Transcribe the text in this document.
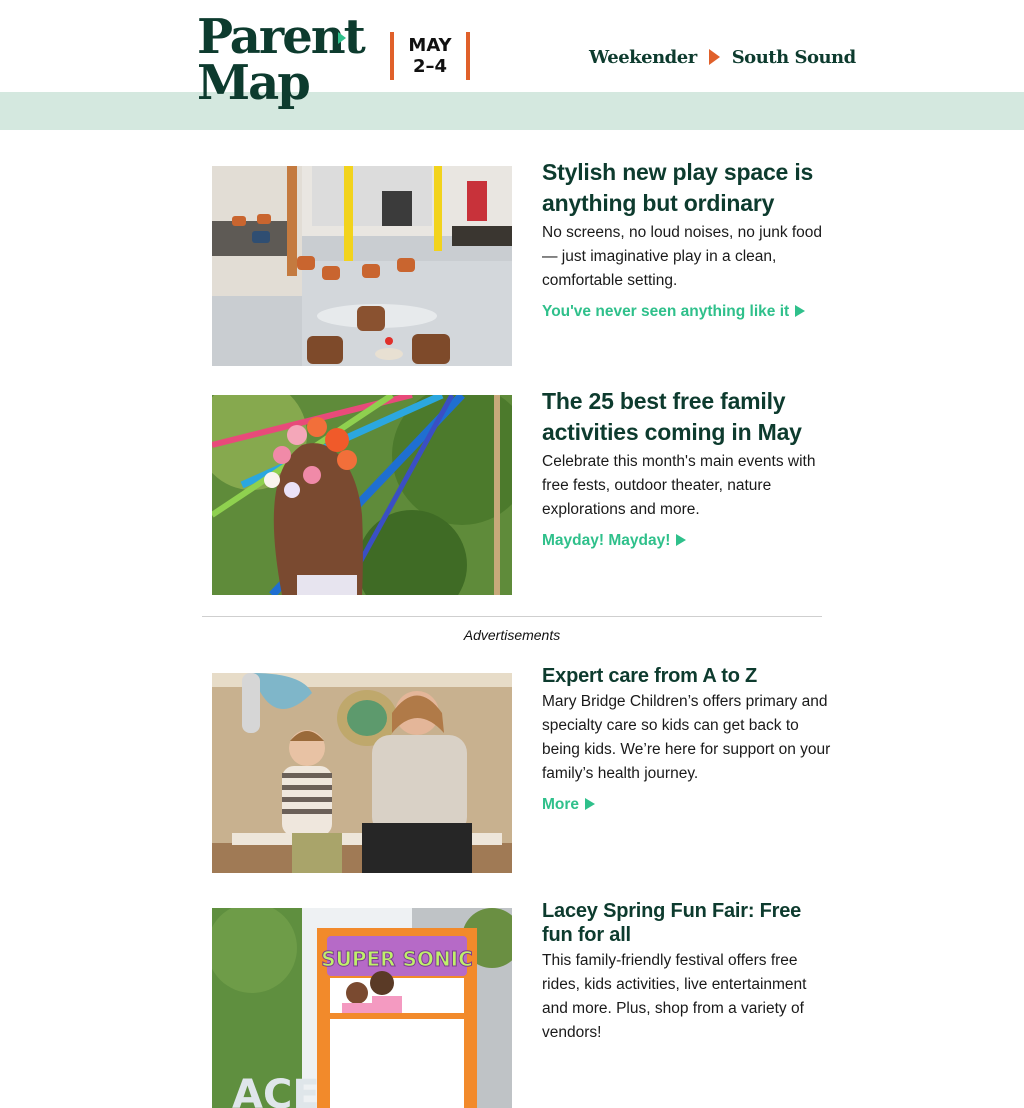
Parent
Map
MAY
2–4	Weekender South Sound
Stylish new play space is anything but ordinary

No screens, no loud noises, no junk food — just imaginative play in a clean, comfortable setting.

You've never seen anything like it
The 25 best free family activities coming in May

Celebrate this month's main events with free fests, outdoor theater, nature explorations and more.

Mayday! Mayday!
Advertisements
Expert care from A to Z

Mary Bridge Children’s offers primary and specialty care so kids can get back to being kids. We’re here for support on your family’s health journey.

More
SUPER SONIC
ACE
Lacey Spring Fun Fair: Free fun for all

This family-friendly festival offers free rides, kids activities, live entertainment and more. Plus, shop from a variety of vendors!
